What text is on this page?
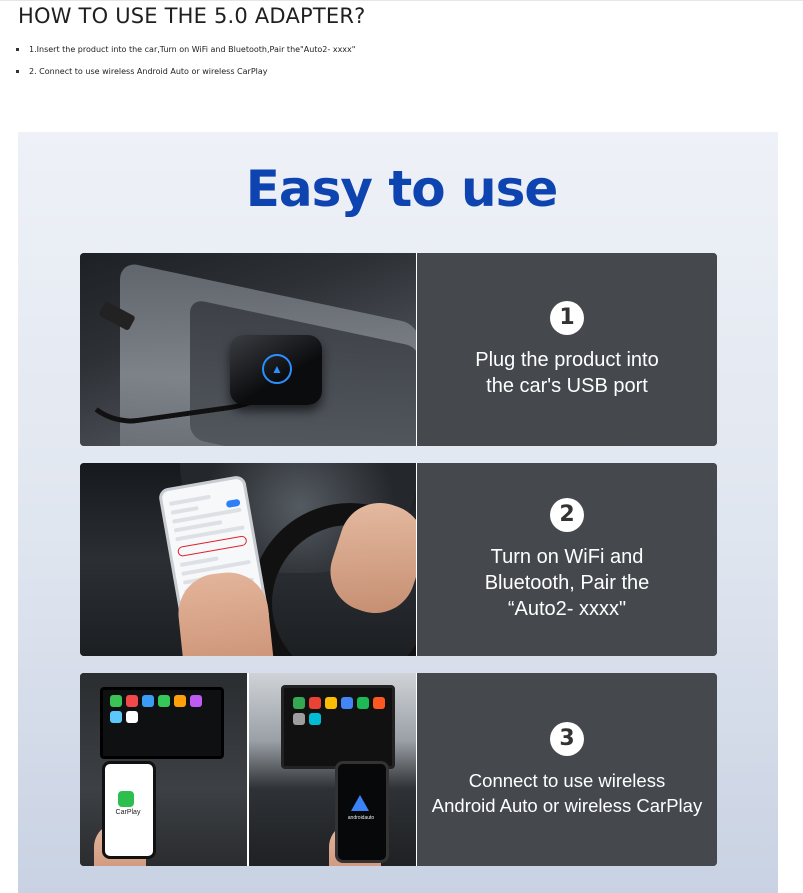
HOW TO USE THE 5.0 ADAPTER?
1.Insert the product into the car,Turn on WiFi and Bluetooth,Pair the"Auto2- xxxx"
2. Connect to use wireless Android Auto or wireless CarPlay
Easy to use
▲
1
Plug the product into
the car's USB port
2
Turn on WiFi and
Bluetooth, Pair the
“Auto2- xxxx"
CarPlay
androidauto
3
Connect to use wireless
Android Auto or wireless CarPlay
